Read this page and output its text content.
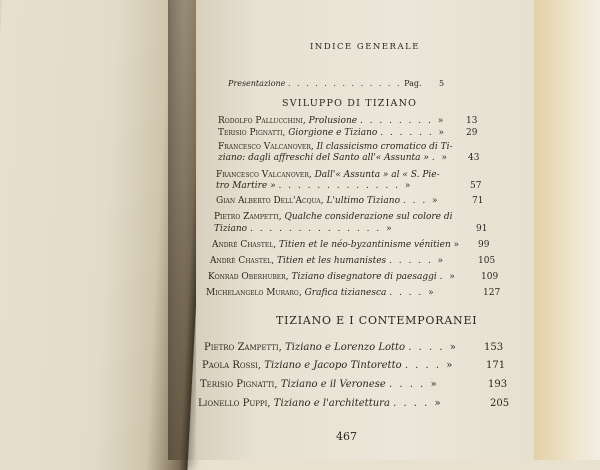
INDICE GENERALE
Presentazione . . . . . . . . . . . . . Pag. 5
SVILUPPO DI TIZIANO
Rodolfo Pallucchini, Prolusione . . . . . . . . » 13
Terisio Pignatti, Giorgione e Tiziano . . . . . . » 29
Francesco Valcanover, Il classicismo cromatico di Ti-
ziano: dagli affreschi del Santo all'« Assunta » . » 43
Francesco Valcanover, Dall'« Assunta » al « S. Pie-
tro Martire » . . . . . . . . . . . . . »	57
Gian Alberto Dell'Acqua, L'ultimo Tiziano . . . »	71
Pietro Zampetti, Qualche considerazione sul colore di
Tiziano . . . . . . . . . . . . . . »	91
André Chastel, Titien et le néo-byzantinisme vénitien » 99
André Chastel, Titien et les humanistes . . . . . »	105
Konrad Oberhuber, Tiziano disegnatore di paesaggi . »	109
Michelangelo Muraro, Grafica tizianesca . . . . »	127
TIZIANO E I CONTEMPORANEI
Pietro Zampetti, Tiziano e Lorenzo Lotto . . . . »	153
Paola Rossi, Tiziano e Jacopo Tintoretto . . . . »	171
Terisio Pignatti, Tiziano e il Veronese . . . . »	193
Lionello Puppi, Tiziano e l'architettura . . . . »	205
467
